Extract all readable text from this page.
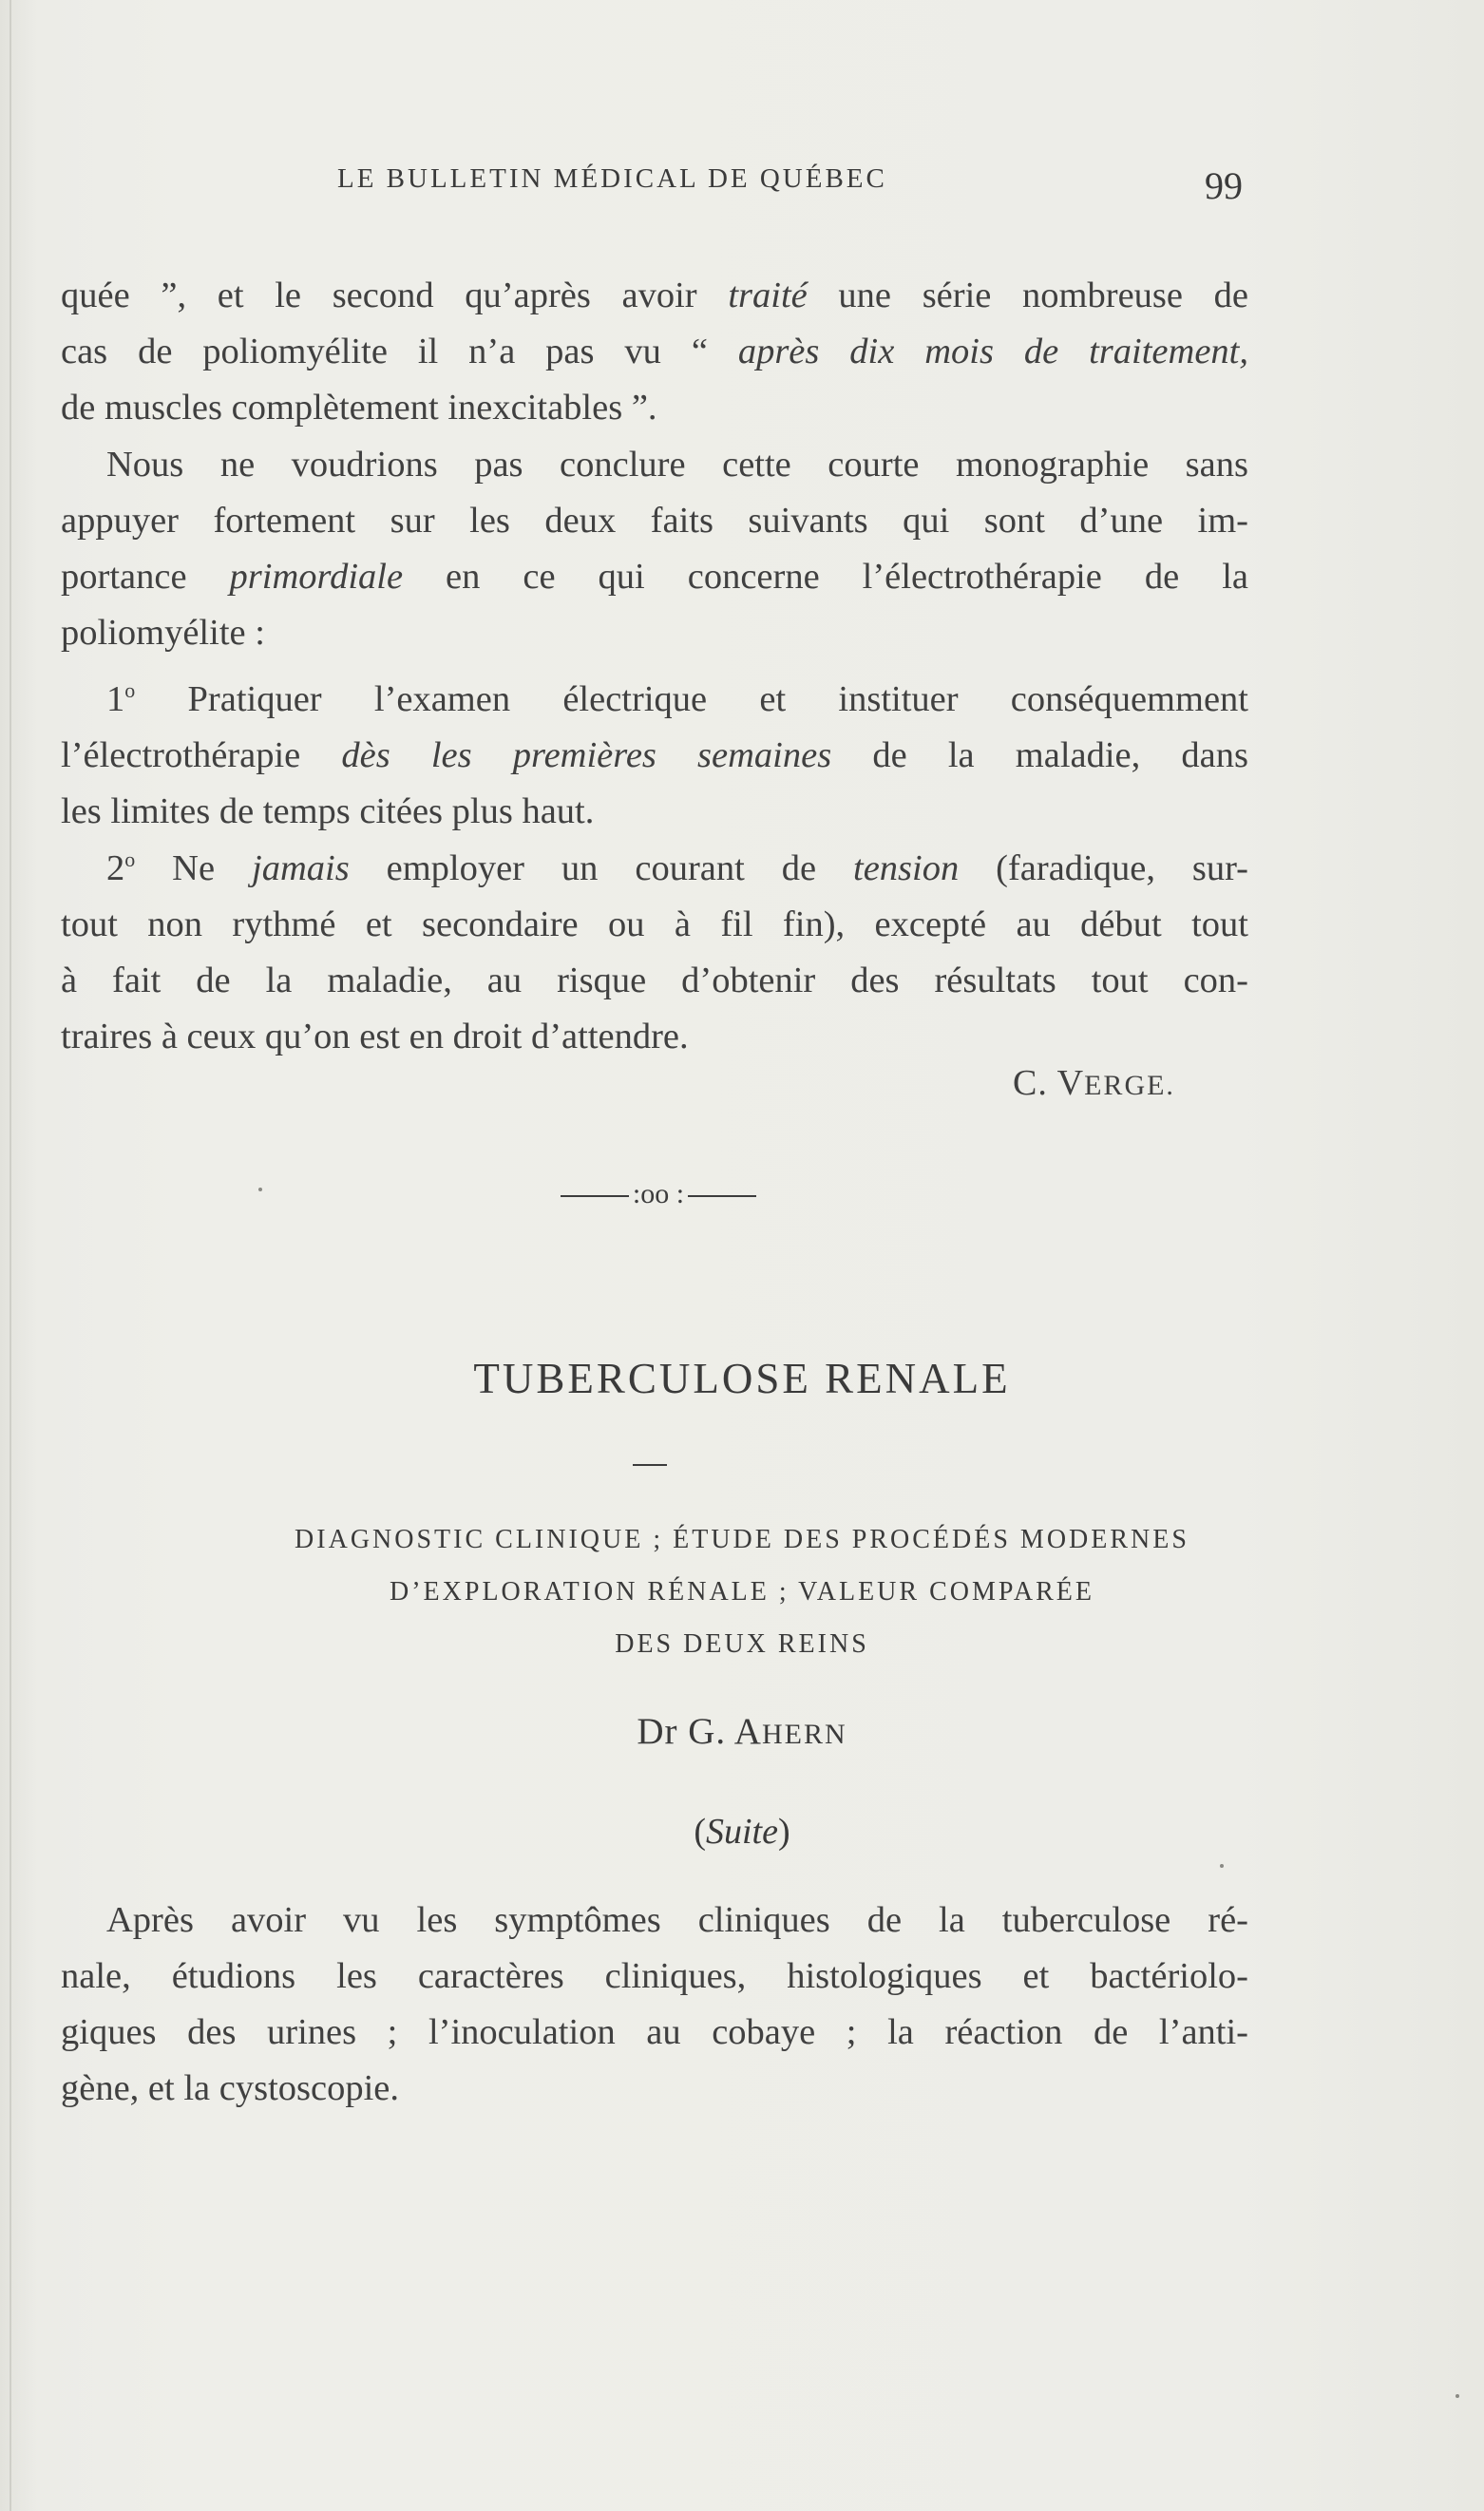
LE BULLETIN MÉDICAL DE QUÉBEC	99
quée ”, et le second qu’après avoir traité une série nombreuse de
cas de poliomyélite il n’a pas vu “ après dix mois de traitement,
de muscles complètement inexcitables ”.
Nous ne voudrions pas conclure cette courte monographie sans
appuyer fortement sur les deux faits suivants qui sont d’une im-
portance primordiale en ce qui concerne l’électrothérapie de la
poliomyélite :
1$^o$ Pratiquer l’examen électrique et instituer conséquemment
l’électrothérapie dès les premières semaines de la maladie, dans
les limites de temps citées plus haut.
2$^o$ Ne jamais employer un courant de tension (faradique, sur-
tout non rythmé et secondaire ou à fil fin), excepté au début tout
à fait de la maladie, au risque d’obtenir des résultats tout con-
traires à ceux qu’on est en droit d’attendre.
C. VERGE.
:oo :
TUBERCULOSE RENALE
DIAGNOSTIC CLINIQUE ; ÉTUDE DES PROCÉDÉS MODERNES
D’EXPLORATION RÉNALE ; VALEUR COMPARÉE
DES DEUX REINS
Dr G. AHERN
(Suite)
Après avoir vu les symptômes cliniques de la tuberculose ré-
nale, étudions les caractères cliniques, histologiques et bactériolo-
giques des urines ; l’inoculation au cobaye ; la réaction de l’anti-
gène, et la cystoscopie.
